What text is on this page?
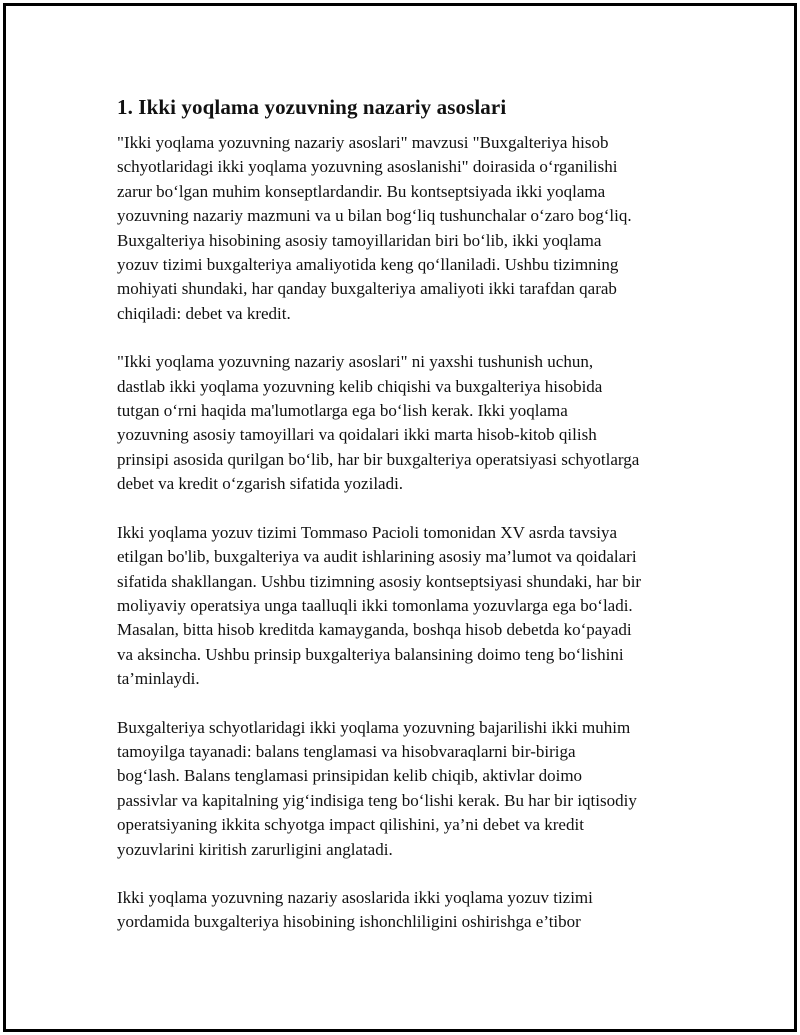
1. Ikki yoqlama yozuvning nazariy asoslari

"Ikki yoqlama yozuvning nazariy asoslari" mavzusi "Buxgalteriya hisob
schyotlaridagi ikki yoqlama yozuvning asoslanishi" doirasida o‘rganilishi
zarur bo‘lgan muhim konseptlardandir. Bu kontseptsiyada ikki yoqlama
yozuvning nazariy mazmuni va u bilan bog‘liq tushunchalar o‘zaro bog‘liq.
Buxgalteriya hisobining asosiy tamoyillaridan biri bo‘lib, ikki yoqlama
yozuv tizimi buxgalteriya amaliyotida keng qo‘llaniladi. Ushbu tizimning
mohiyati shundaki, har qanday buxgalteriya amaliyoti ikki tarafdan qarab
chiqiladi: debet va kredit.

"Ikki yoqlama yozuvning nazariy asoslari" ni yaxshi tushunish uchun,
dastlab ikki yoqlama yozuvning kelib chiqishi va buxgalteriya hisobida
tutgan o‘rni haqida ma'lumotlarga ega bo‘lish kerak. Ikki yoqlama
yozuvning asosiy tamoyillari va qoidalari ikki marta hisob-kitob qilish
prinsipi asosida qurilgan bo‘lib, har bir buxgalteriya operatsiyasi schyotlarga
debet va kredit o‘zgarish sifatida yoziladi.

Ikki yoqlama yozuv tizimi Tommaso Pacioli tomonidan XV asrda tavsiya
etilgan bo'lib, buxgalteriya va audit ishlarining asosiy ma’lumot va qoidalari
sifatida shakllangan. Ushbu tizimning asosiy kontseptsiyasi shundaki, har bir
moliyaviy operatsiya unga taalluqli ikki tomonlama yozuvlarga ega bo‘ladi.
Masalan, bitta hisob kreditda kamayganda, boshqa hisob debetda ko‘payadi
va aksincha. Ushbu prinsip buxgalteriya balansining doimo teng bo‘lishini
ta’minlaydi.

Buxgalteriya schyotlaridagi ikki yoqlama yozuvning bajarilishi ikki muhim
tamoyilga tayanadi: balans tenglamasi va hisobvaraqlarni bir-biriga
bog‘lash. Balans tenglamasi prinsipidan kelib chiqib, aktivlar doimo
passivlar va kapitalning yig‘indisiga teng bo‘lishi kerak. Bu har bir iqtisodiy
operatsiyaning ikkita schyotga impact qilishini, ya’ni debet va kredit
yozuvlarini kiritish zarurligini anglatadi.

Ikki yoqlama yozuvning nazariy asoslarida ikki yoqlama yozuv tizimi
yordamida buxgalteriya hisobining ishonchliligini oshirishga e’tibor
